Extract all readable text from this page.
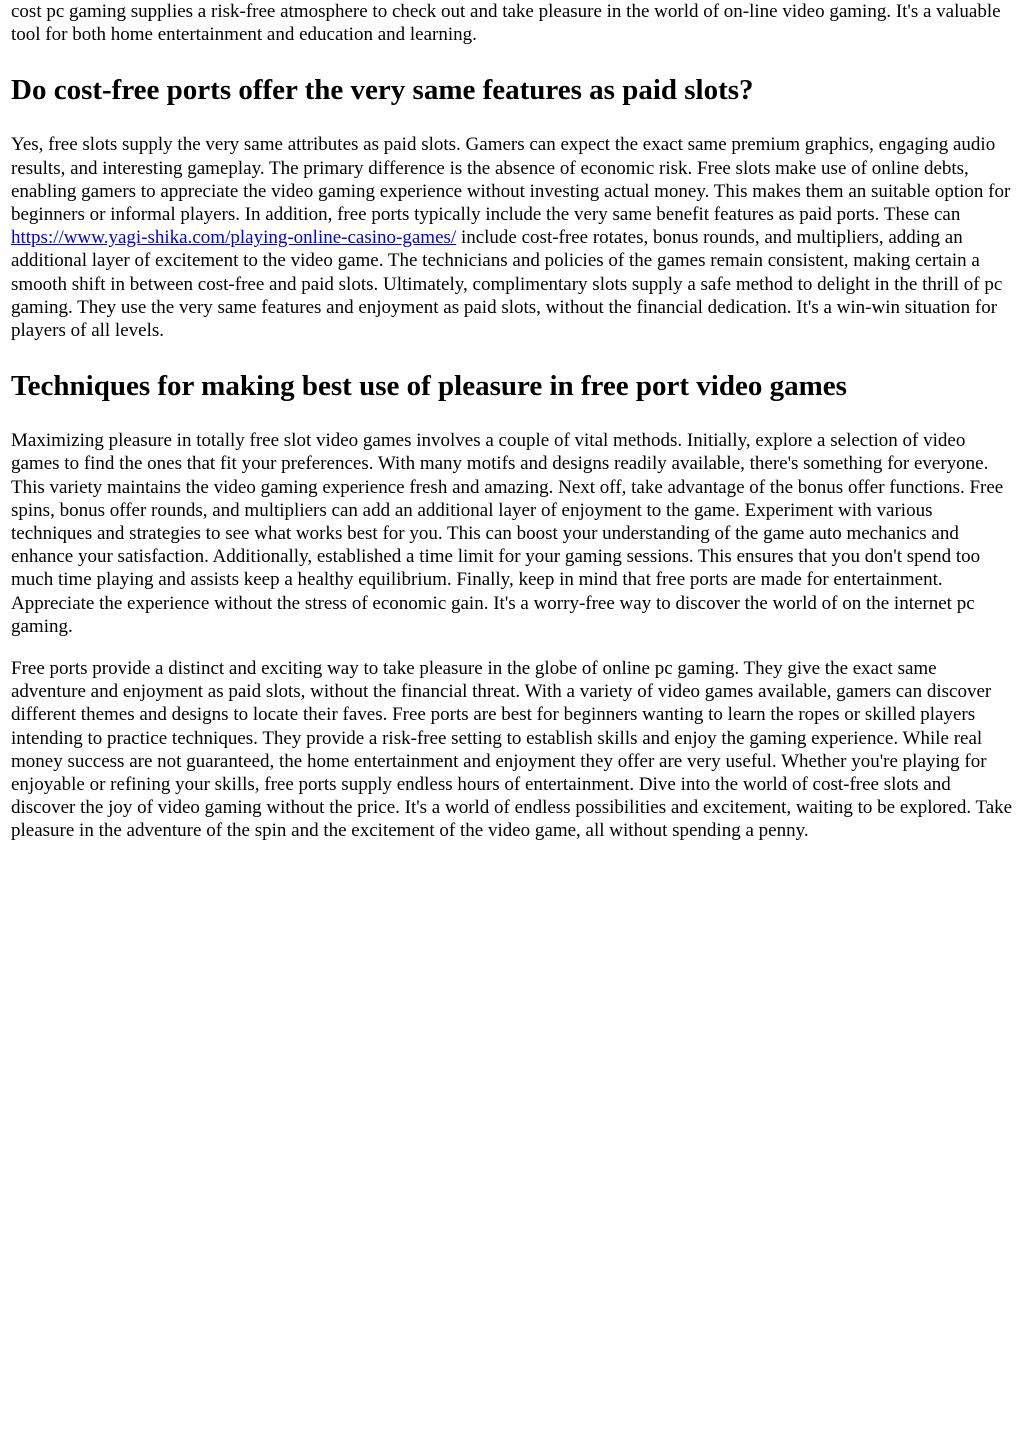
cost pc gaming supplies a risk-free atmosphere to check out and take pleasure in the world of on-line video gaming. It's a valuable tool for both home entertainment and education and learning.

Do cost-free ports offer the very same features as paid slots?

Yes, free slots supply the very same attributes as paid slots. Gamers can expect the exact same premium graphics, engaging audio results, and interesting gameplay. The primary difference is the absence of economic risk. Free slots make use of online debts, enabling gamers to appreciate the video gaming experience without investing actual money. This makes them an suitable option for beginners or informal players. In addition, free ports typically include the very same benefit features as paid ports. These can https://www.yagi-shika.com/playing-online-casino-games/ include cost-free rotates, bonus rounds, and multipliers, adding an additional layer of excitement to the video game. The technicians and policies of the games remain consistent, making certain a smooth shift in between cost-free and paid slots. Ultimately, complimentary slots supply a safe method to delight in the thrill of pc gaming. They use the very same features and enjoyment as paid slots, without the financial dedication. It's a win-win situation for players of all levels.

Techniques for making best use of pleasure in free port video games

Maximizing pleasure in totally free slot video games involves a couple of vital methods. Initially, explore a selection of video games to find the ones that fit your preferences. With many motifs and designs readily available, there's something for everyone. This variety maintains the video gaming experience fresh and amazing. Next off, take advantage of the bonus offer functions. Free spins, bonus offer rounds, and multipliers can add an additional layer of enjoyment to the game. Experiment with various techniques and strategies to see what works best for you. This can boost your understanding of the game auto mechanics and enhance your satisfaction. Additionally, established a time limit for your gaming sessions. This ensures that you don't spend too much time playing and assists keep a healthy equilibrium. Finally, keep in mind that free ports are made for entertainment. Appreciate the experience without the stress of economic gain. It's a worry-free way to discover the world of on the internet pc gaming.

Free ports provide a distinct and exciting way to take pleasure in the globe of online pc gaming. They give the exact same adventure and enjoyment as paid slots, without the financial threat. With a variety of video games available, gamers can discover different themes and designs to locate their faves. Free ports are best for beginners wanting to learn the ropes or skilled players intending to practice techniques. They provide a risk-free setting to establish skills and enjoy the gaming experience. While real money success are not guaranteed, the home entertainment and enjoyment they offer are very useful. Whether you're playing for enjoyable or refining your skills, free ports supply endless hours of entertainment. Dive into the world of cost-free slots and discover the joy of video gaming without the price. It's a world of endless possibilities and excitement, waiting to be explored. Take pleasure in the adventure of the spin and the excitement of the video game, all without spending a penny.
